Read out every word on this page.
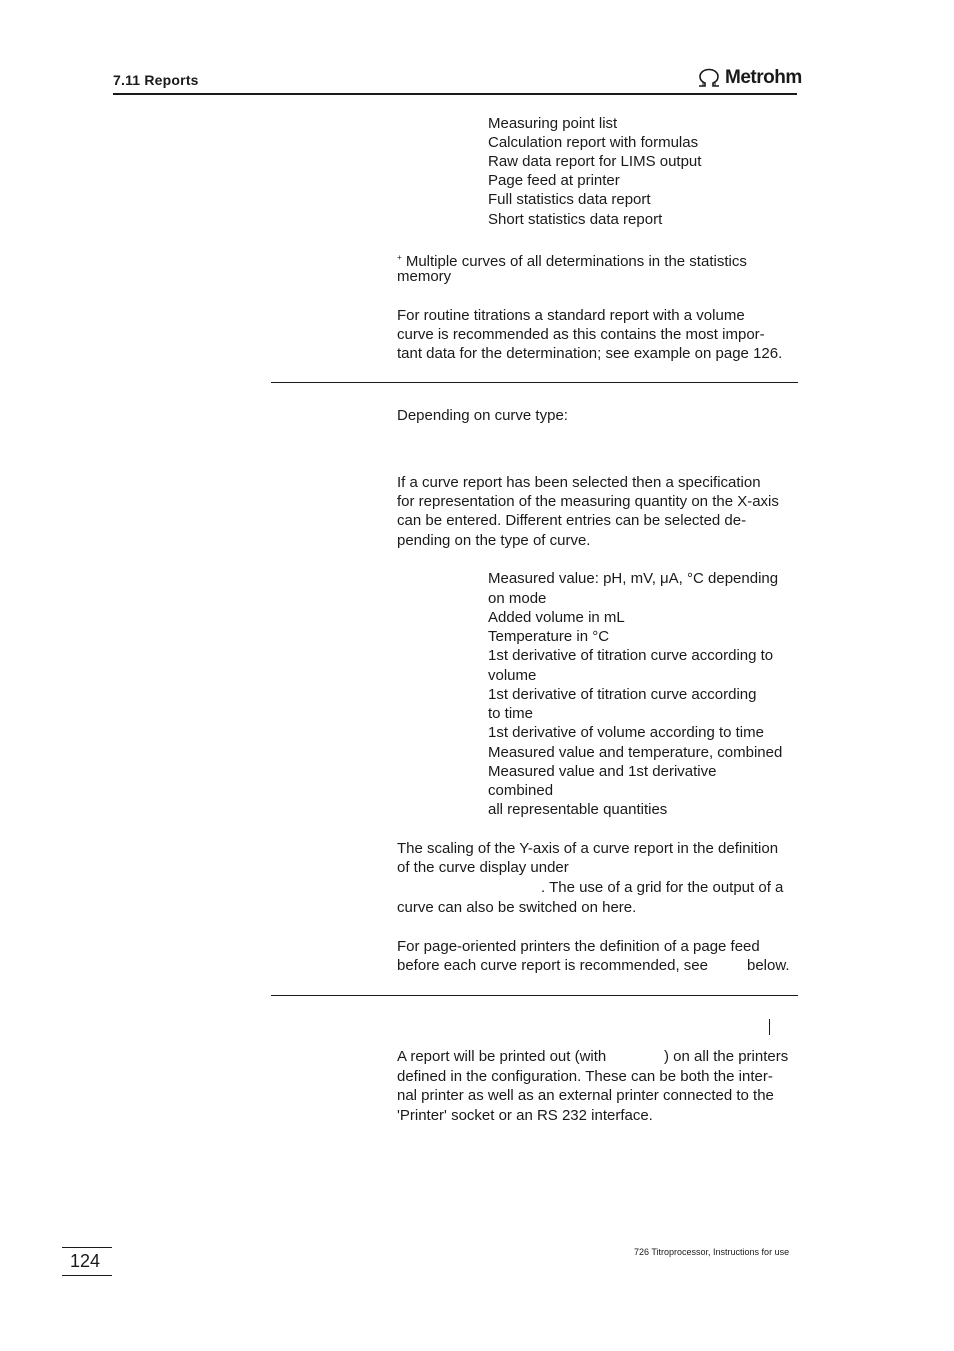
7.11 Reports	Metrohm
Measuring point list
Calculation report with formulas
Raw data report for LIMS output
Page feed at printer
Full statistics data report
Short statistics data report
+ Multiple curves of all determinations in the statistics
memory
For routine titrations a standard report with a volume
curve is recommended as this contains the most impor-
tant data for the determination; see example on page 126.
Depending on curve type:
If a curve report has been selected then a specification
for representation of the measuring quantity on the X-axis
can be entered. Different entries can be selected de-
pending on the type of curve.
Measured value: pH, mV, μA, °C depending
on mode
Added volume in mL
Temperature in °C
1st derivative of titration curve according to
volume
1st derivative of titration curve according
to time
1st derivative of volume according to time
Measured value and temperature, combined
Measured value and 1st derivative
combined
all representable quantities
The scaling of the Y-axis of a curve report in the definition
of the curve display under
. The use of a grid for the output of a
curve can also be switched on here.
For page-oriented printers the definition of a page feed
before each curve report is recommended, see	below.
A report will be printed out (with	) on all the printers
defined in the configuration. These can be both the inter-
nal printer as well as an external printer connected to the
'Printer' socket or an RS 232 interface.
124	726 Titroprocessor, Instructions for use
